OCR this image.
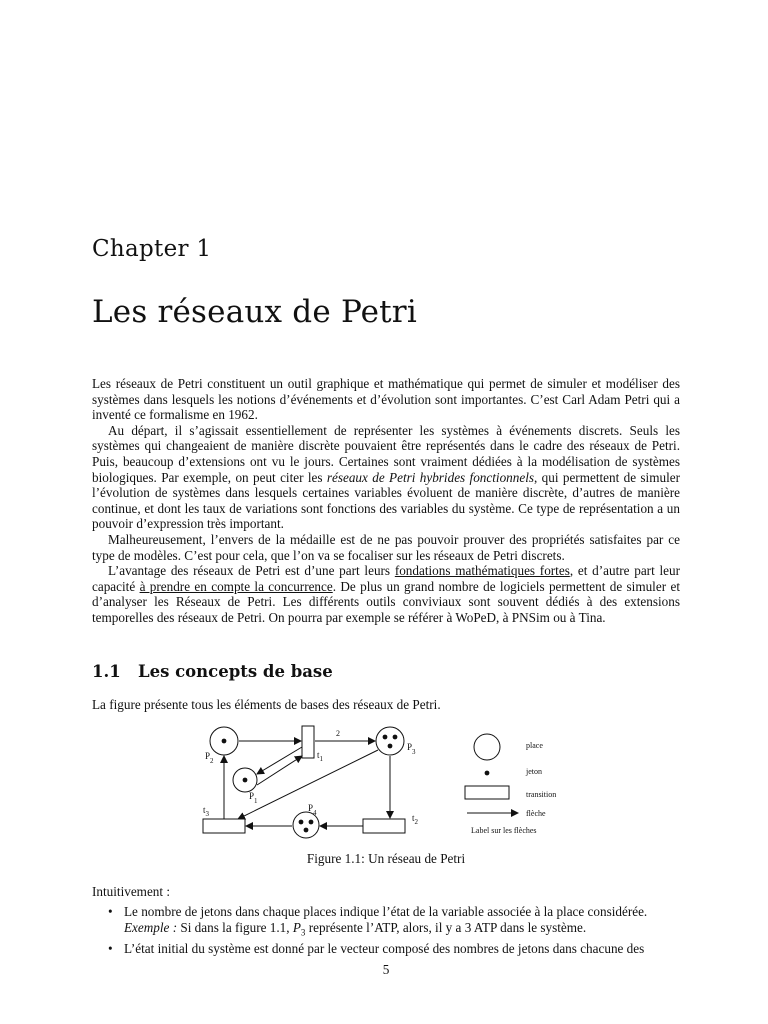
Chapter 1
Les réseaux de Petri

Les réseaux de Petri constituent un outil graphique et mathématique qui permet de simuler et modéliser des systèmes dans lesquels les notions d’événements et d’évolution sont importantes. C’est Carl Adam Petri qui a inventé ce formalisme en 1962.

Au départ, il s’agissait essentiellement de représenter les systèmes à événements discrets. Seuls les systèmes qui changeaient de manière discrète pouvaient être représentés dans le cadre des réseaux de Petri. Puis, beaucoup d’extensions ont vu le jours. Certaines sont vraiment dédiées à la modélisation de systèmes biologiques. Par exemple, on peut citer les réseaux de Petri hybrides fonctionnels, qui permettent de simuler l’évolution de systèmes dans lesquels certaines variables évoluent de manière discrète, d’autres de manière continue, et dont les taux de variations sont fonctions des variables du système. Ce type de représentation a un pouvoir d’expression très important.

Malheureusement, l’envers de la médaille est de ne pas pouvoir prouver des propriétés satisfaites par ce type de modèles. C’est pour cela, que l’on va se focaliser sur les réseaux de Petri discrets.

L’avantage des réseaux de Petri est d’une part leurs fondations mathématiques fortes, et d’autre part leur capacité à prendre en compte la concurrence. De plus un grand nombre de logiciels permettent de simuler et d’analyser les Réseaux de Petri. Les différents outils conviviaux sont souvent dédiés à des extensions temporelles des réseaux de Petri. On pourra par exemple se référer à WoPeD, à PNSim ou à Tina.

1.1 Les concepts de base
La figure présente tous les éléments de bases des réseaux de Petri.
$P_2$
$P_1$
$P_3$
$P_4$
$t_1$
$t_2$
$t_3$
2
place
jeton
transition
flèche
Label sur les flèches
Figure 1.1: Un réseau de Petri
Intuitivement :
• Le nombre de jetons dans chaque places indique l’état de la variable associée à la place considérée.
Exemple : Si dans la figure 1.1, $P_3$ représente l’ATP, alors, il y a 3 ATP dans le système.
• L’état initial du système est donné par le vecteur composé des nombres de jetons dans chacune des
5
